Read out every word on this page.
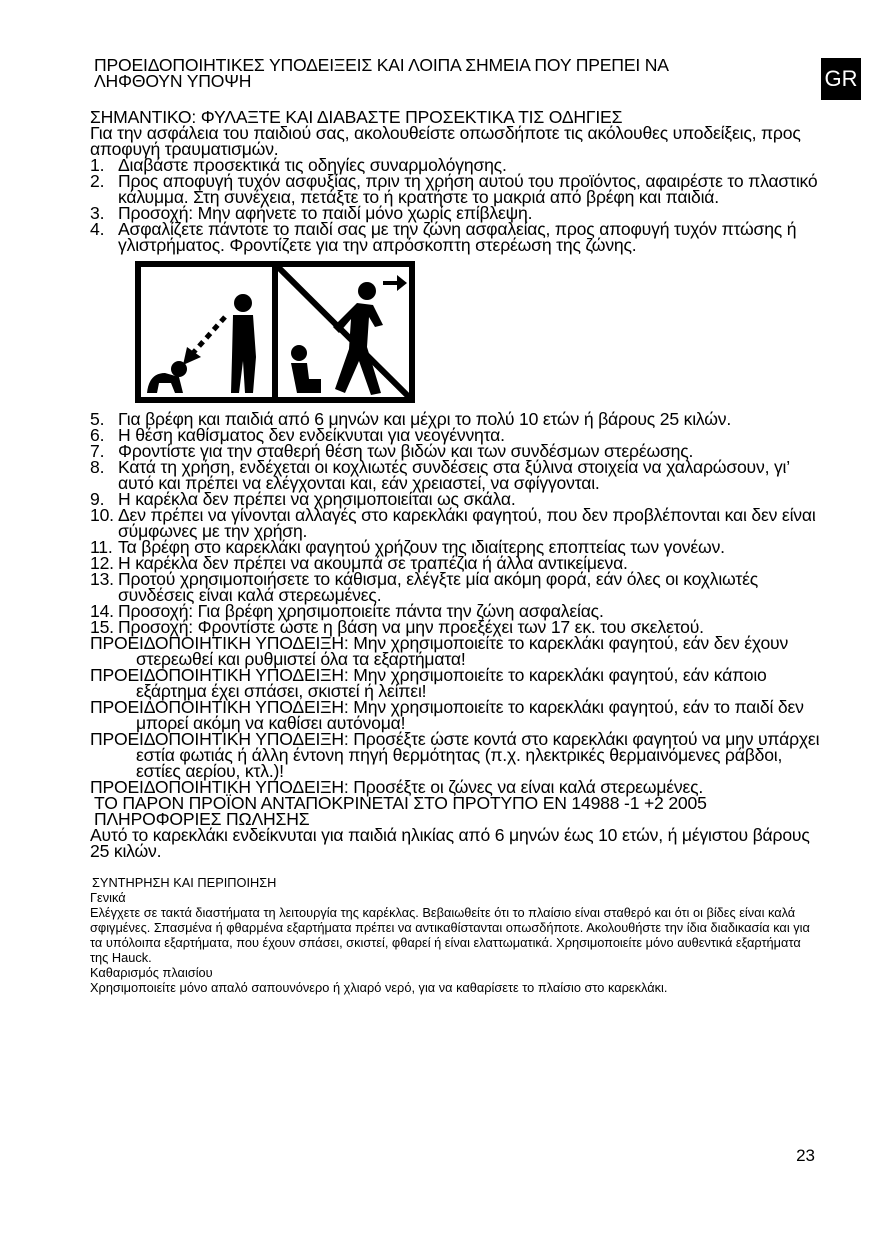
GR
ΠΡΟΕΙΔΟΠΟΙΗΤΙΚΕΣ ΥΠΟΔΕΙΞΕΙΣ ΚΑΙ ΛΟΙΠΑ ΣΗΜΕΙΑ ΠΟΥ ΠΡΕΠΕΙ ΝΑ
ΛΗΦΘΟΥΝ ΥΠΟΨΗ
ΣΗΜΑΝΤΙΚΟ: ΦΥΛΑΞΤΕ ΚΑΙ ΔΙΑΒΑΣΤΕ ΠΡΟΣΕΚΤΙΚΑ ΤΙΣ ΟΔΗΓΙΕΣ
Για την ασφάλεια του παιδιού σας, ακολουθείστε οπωσδήποτε τις ακόλουθες υποδείξεις, προς αποφυγή τραυματισμών.
1. Διαβάστε προσεκτικά τις οδηγίες συναρμολόγησης.
2. Προς αποφυγή τυχόν ασφυξίας, πριν τη χρήση αυτού του προϊόντος, αφαιρέστε το πλαστικό κάλυμμα. Στη συνέχεια, πετάξτε το ή κρατήστε το μακριά από βρέφη και παιδιά.
3. Προσοχή: Μην αφήνετε το παιδί μόνο χωρίς επίβλεψη.
4. Ασφαλίζετε πάντοτε το παιδί σας με την ζώνη ασφαλείας, προς αποφυγή τυχόν πτώσης ή γλιστρήματος. Φροντίζετε για την απρόσκοπτη στερέωση της ζώνης.
5. Για βρέφη και παιδιά από 6 μηνών και μέχρι το πολύ 10 ετών ή βάρους 25 κιλών.
6. Η θέση καθίσματος δεν ενδείκνυται για νεογέννητα.
7. Φροντίστε για την σταθερή θέση των βιδών και των συνδέσμων στερέωσης.
8. Κατά τη χρήση, ενδέχεται οι κοχλιωτές συνδέσεις στα ξύλινα στοιχεία να χαλαρώσουν, γι’ αυτό και πρέπει να ελέγχονται και, εάν χρειαστεί, να σφίγγονται.
9. Η καρέκλα δεν πρέπει να χρησιμοποιείται ως σκάλα.
10. Δεν πρέπει να γίνονται αλλαγές στο καρεκλάκι φαγητού, που δεν προβλέπονται και δεν είναι σύμφωνες με την χρήση.
11. Τα βρέφη στο καρεκλάκι φαγητού χρήζουν της ιδιαίτερης εποπτείας των γονέων.
12. Η καρέκλα δεν πρέπει να ακουμπά σε τραπέζια ή άλλα αντικείμενα.
13. Προτού χρησιμοποιήσετε το κάθισμα, ελέγξτε μία ακόμη φορά, εάν όλες οι κοχλιωτές συνδέσεις είναι καλά στερεωμένες.
14. Προσοχή: Για βρέφη χρησιμοποιείτε πάντα την ζώνη ασφαλείας.
15. Προσοχή: Φροντίστε ώστε η βάση να μην προεξέχει των 17 εκ. του σκελετού.
ΠΡΟΕΙΔΟΠΟΙΗΤΙΚΗ ΥΠΟΔΕΙΞΗ: Μην χρησιμοποιείτε το καρεκλάκι φαγητού, εάν δεν έχουν στερεωθεί και ρυθμιστεί όλα τα εξαρτήματα!
ΠΡΟΕΙΔΟΠΟΙΗΤΙΚΗ ΥΠΟΔΕΙΞΗ: Μην χρησιμοποιείτε το καρεκλάκι φαγητού, εάν κάποιο εξάρτημα έχει σπάσει, σκιστεί ή λείπει!
ΠΡΟΕΙΔΟΠΟΙΗΤΙΚΗ ΥΠΟΔΕΙΞΗ: Μην χρησιμοποιείτε το καρεκλάκι φαγητού, εάν το παιδί δεν μπορεί ακόμη να καθίσει αυτόνομα!
ΠΡΟΕΙΔΟΠΟΙΗΤΙΚΗ ΥΠΟΔΕΙΞΗ: Προσέξτε ώστε κοντά στο καρεκλάκι φαγητού να μην υπάρχει εστία φωτιάς ή άλλη έντονη πηγή θερμότητας (π.χ. ηλεκτρικές θερμαινόμενες ράβδοι, εστίες αερίου, κτλ.)!
ΠΡΟΕΙΔΟΠΟΙΗΤΙΚΗ ΥΠΟΔΕΙΞΗ: Προσέξτε οι ζώνες να είναι καλά στερεωμένες.
ΤΟ ΠΑΡΟΝ ΠΡΟΪΟΝ ΑΝΤΑΠΟΚΡΙΝΕΤΑΙ ΣΤΟ ΠΡΟΤΥΠΟ ΕΝ 14988 -1 +2 2005
ΠΛΗΡΟΦΟΡΙΕΣ ΠΩΛΗΣΗΣ
Αυτό το καρεκλάκι ενδείκνυται για παιδιά ηλικίας από 6 μηνών έως 10 ετών, ή μέγιστου βάρους 25 κιλών.
ΣΥΝΤΗΡΗΣΗ ΚΑΙ ΠΕΡΙΠΟΙΗΣΗ
Γενικά
Ελέγχετε σε τακτά διαστήματα τη λειτουργία της καρέκλας. Βεβαιωθείτε ότι το πλαίσιο είναι σταθερό και ότι οι βίδες είναι καλά σφιγμένες. Σπασμένα ή φθαρμένα εξαρτήματα πρέπει να αντικαθίστανται οπωσδήποτε. Ακολουθήστε την ίδια διαδικασία και για τα υπόλοιπα εξαρτήματα, που έχουν σπάσει, σκιστεί, φθαρεί ή είναι ελαττωματικά. Χρησιμοποιείτε μόνο αυθεντικά εξαρτήματα της Hauck.
Καθαρισμός πλαισίου
Χρησιμοποιείτε μόνο απαλό σαπουνόνερο ή χλιαρό νερό, για να καθαρίσετε το πλαίσιο στο καρεκλάκι.
23
